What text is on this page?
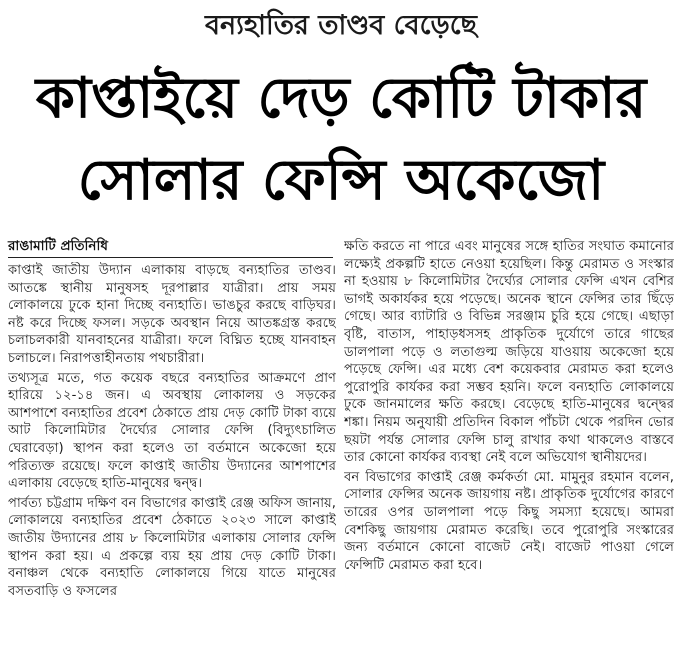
বন্যহাতির তাণ্ডব বেড়েছে
কাপ্তাইয়ে দেড় কোটি টাকার
সোলার ফেন্সি অকেজো
রাঙামাটি প্রতিনিধি

কাপ্তাই জাতীয় উদ্যান এলাকায় বাড়ছে বন্যহাতির তাণ্ডব। আতঙ্কে স্থানীয় মানুষসহ দূরপাল্লার যাত্রীরা। প্রায় সময় লোকালয়ে ঢুকে হানা দিচ্ছে বন্যহাতি। ভাঙচুর করছে বাড়িঘর। নষ্ট করে দিচ্ছে ফসল। সড়কে অবস্থান নিয়ে আতঙ্কগ্রস্ত করছে চলাচলকারী যানবাহনের যাত্রীরা। ফলে বিঘ্নিত হচ্ছে যানবাহন চলাচলে। নিরাপত্তাহীনতায় পথচারীরা।

তথ্যসূত্র মতে, গত কয়েক বছরে বন্যহাতির আক্রমণে প্রাণ হারিয়ে ১২-১৪ জন। এ অবস্থায় লোকালয় ও সড়কের আশপাশে বন্যহাতির প্রবেশ ঠেকাতে প্রায় দেড় কোটি টাকা ব্যয়ে আট কিলোমিটার দৈর্ঘ্যের সোলার ফেন্সি (বিদ্যুৎচালিত ঘেরাবেড়া) স্থাপন করা হলেও তা বর্তমানে অকেজো হয়ে পরিত্যক্ত রয়েছে। ফলে কাপ্তাই জাতীয় উদ্যানের আশপাশের এলাকায় বেড়েছে হাতি-মানুষের দ্বন্দ্ব।

পার্বত্য চট্টগ্রাম দক্ষিণ বন বিভাগের কাপ্তাই রেঞ্জ অফিস জানায়, লোকালয়ে বন্যহাতির প্রবেশ ঠেকাতে ২০২৩ সালে কাপ্তাই জাতীয় উদ্যানের প্রায় ৮ কিলোমিটার এলাকায় সোলার ফেন্সি স্থাপন করা হয়। এ প্রকল্পে ব্যয় হয় প্রায় দেড় কোটি টাকা। বনাঞ্চল থেকে বন্যহাতি লোকালয়ে গিয়ে যাতে মানুষের বসতবাড়ি ও ফসলের

ক্ষতি করতে না পারে এবং মানুষের সঙ্গে হাতির সংঘাত কমানোর লক্ষ্যেই প্রকল্পটি হাতে নেওয়া হয়েছিল। কিন্তু মেরামত ও সংস্কার না হওয়ায় ৮ কিলোমিটার দৈর্ঘ্যের সোলার ফেন্সি এখন বেশির ভাগই অকার্যকর হয়ে পড়েছে। অনেক স্থানে ফেন্সির তার ছিঁড়ে গেছে। আর ব্যাটারি ও বিভিন্ন সরঞ্জাম চুরি হয়ে গেছে। এছাড়া বৃষ্টি, বাতাস, পাহাড়ধসসহ প্রাকৃতিক দুর্যোগে তারে গাছের ডালপালা পড়ে ও লতাগুল্ম জড়িয়ে যাওয়ায় অকেজো হয়ে পড়েছে ফেন্সি। এর মধ্যে বেশ কয়েকবার মেরামত করা হলেও পুরোপুরি কার্যকর করা সম্ভব হয়নি। ফলে বন্যহাতি লোকালয়ে ঢুকে জানমালের ক্ষতি করছে। বেড়েছে হাতি-মানুষের দ্বন্দ্বের শঙ্কা। নিয়ম অনুযায়ী প্রতিদিন বিকাল পাঁচটা থেকে পরদিন ভোর ছয়টা পর্যন্ত সোলার ফেন্সি চালু রাখার কথা থাকলেও বাস্তবে তার কোনো কার্যকর ব্যবস্থা নেই বলে অভিযোগ স্থানীয়দের।

বন বিভাগের কাপ্তাই রেঞ্জ কর্মকর্তা মো. মামুনুর রহমান বলেন, সোলার ফেন্সির অনেক জায়গায় নষ্ট। প্রাকৃতিক দুর্যোগের কারণে তারের ওপর ডালপালা পড়ে কিছু সমস্যা হয়েছে। আমরা বেশকিছু জায়গায় মেরামত করেছি। তবে পুরোপুরি সংস্কারের জন্য বর্তমানে কোনো বাজেট নেই। বাজেট পাওয়া গেলে ফেন্সিটি মেরামত করা হবে।
